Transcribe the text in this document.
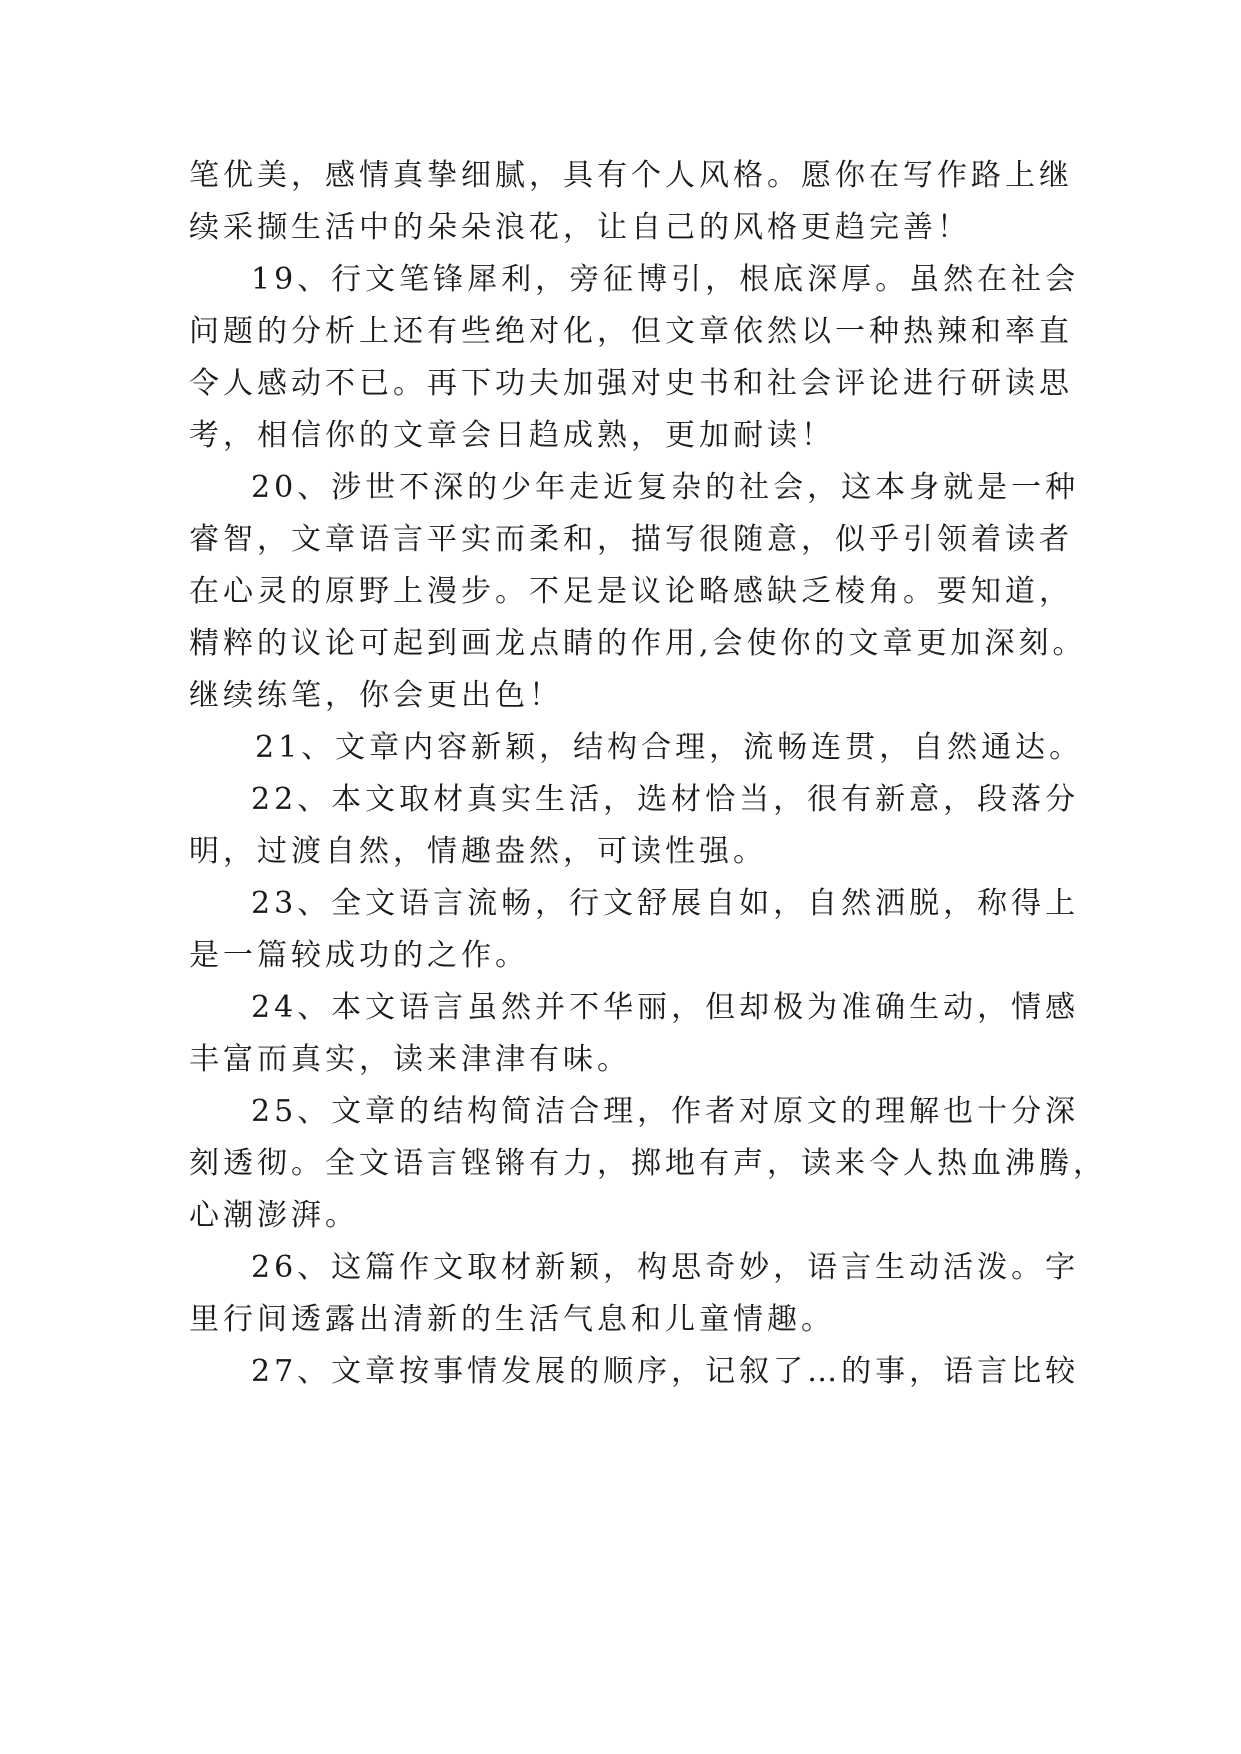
笔优美，感情真挚细腻，具有个人风格。愿你在写作路上继
续采撷生活中的朵朵浪花，让自己的风格更趋完善！
19、行文笔锋犀利，旁征博引，根底深厚。虽然在社会
问题的分析上还有些绝对化，但文章依然以一种热辣和率直
令人感动不已。再下功夫加强对史书和社会评论进行研读思
考，相信你的文章会日趋成熟，更加耐读！
20、涉世不深的少年走近复杂的社会，这本身就是一种
睿智，文章语言平实而柔和，描写很随意，似乎引领着读者
在心灵的原野上漫步。不足是议论略感缺乏棱角。要知道，
精粹的议论可起到画龙点睛的作用,会使你的文章更加深刻。
继续练笔，你会更出色！
21、文章内容新颖，结构合理，流畅连贯，自然通达。
22、本文取材真实生活，选材恰当，很有新意，段落分
明，过渡自然，情趣盎然，可读性强。
23、全文语言流畅，行文舒展自如，自然洒脱，称得上
是一篇较成功的之作。
24、本文语言虽然并不华丽，但却极为准确生动，情感
丰富而真实，读来津津有味。
25、文章的结构简洁合理，作者对原文的理解也十分深
刻透彻。全文语言铿锵有力，掷地有声，读来令人热血沸腾，
心潮澎湃。
26、这篇作文取材新颖，构思奇妙，语言生动活泼。字
里行间透露出清新的生活气息和儿童情趣。
27、文章按事情发展的顺序，记叙了…的事，语言比较
